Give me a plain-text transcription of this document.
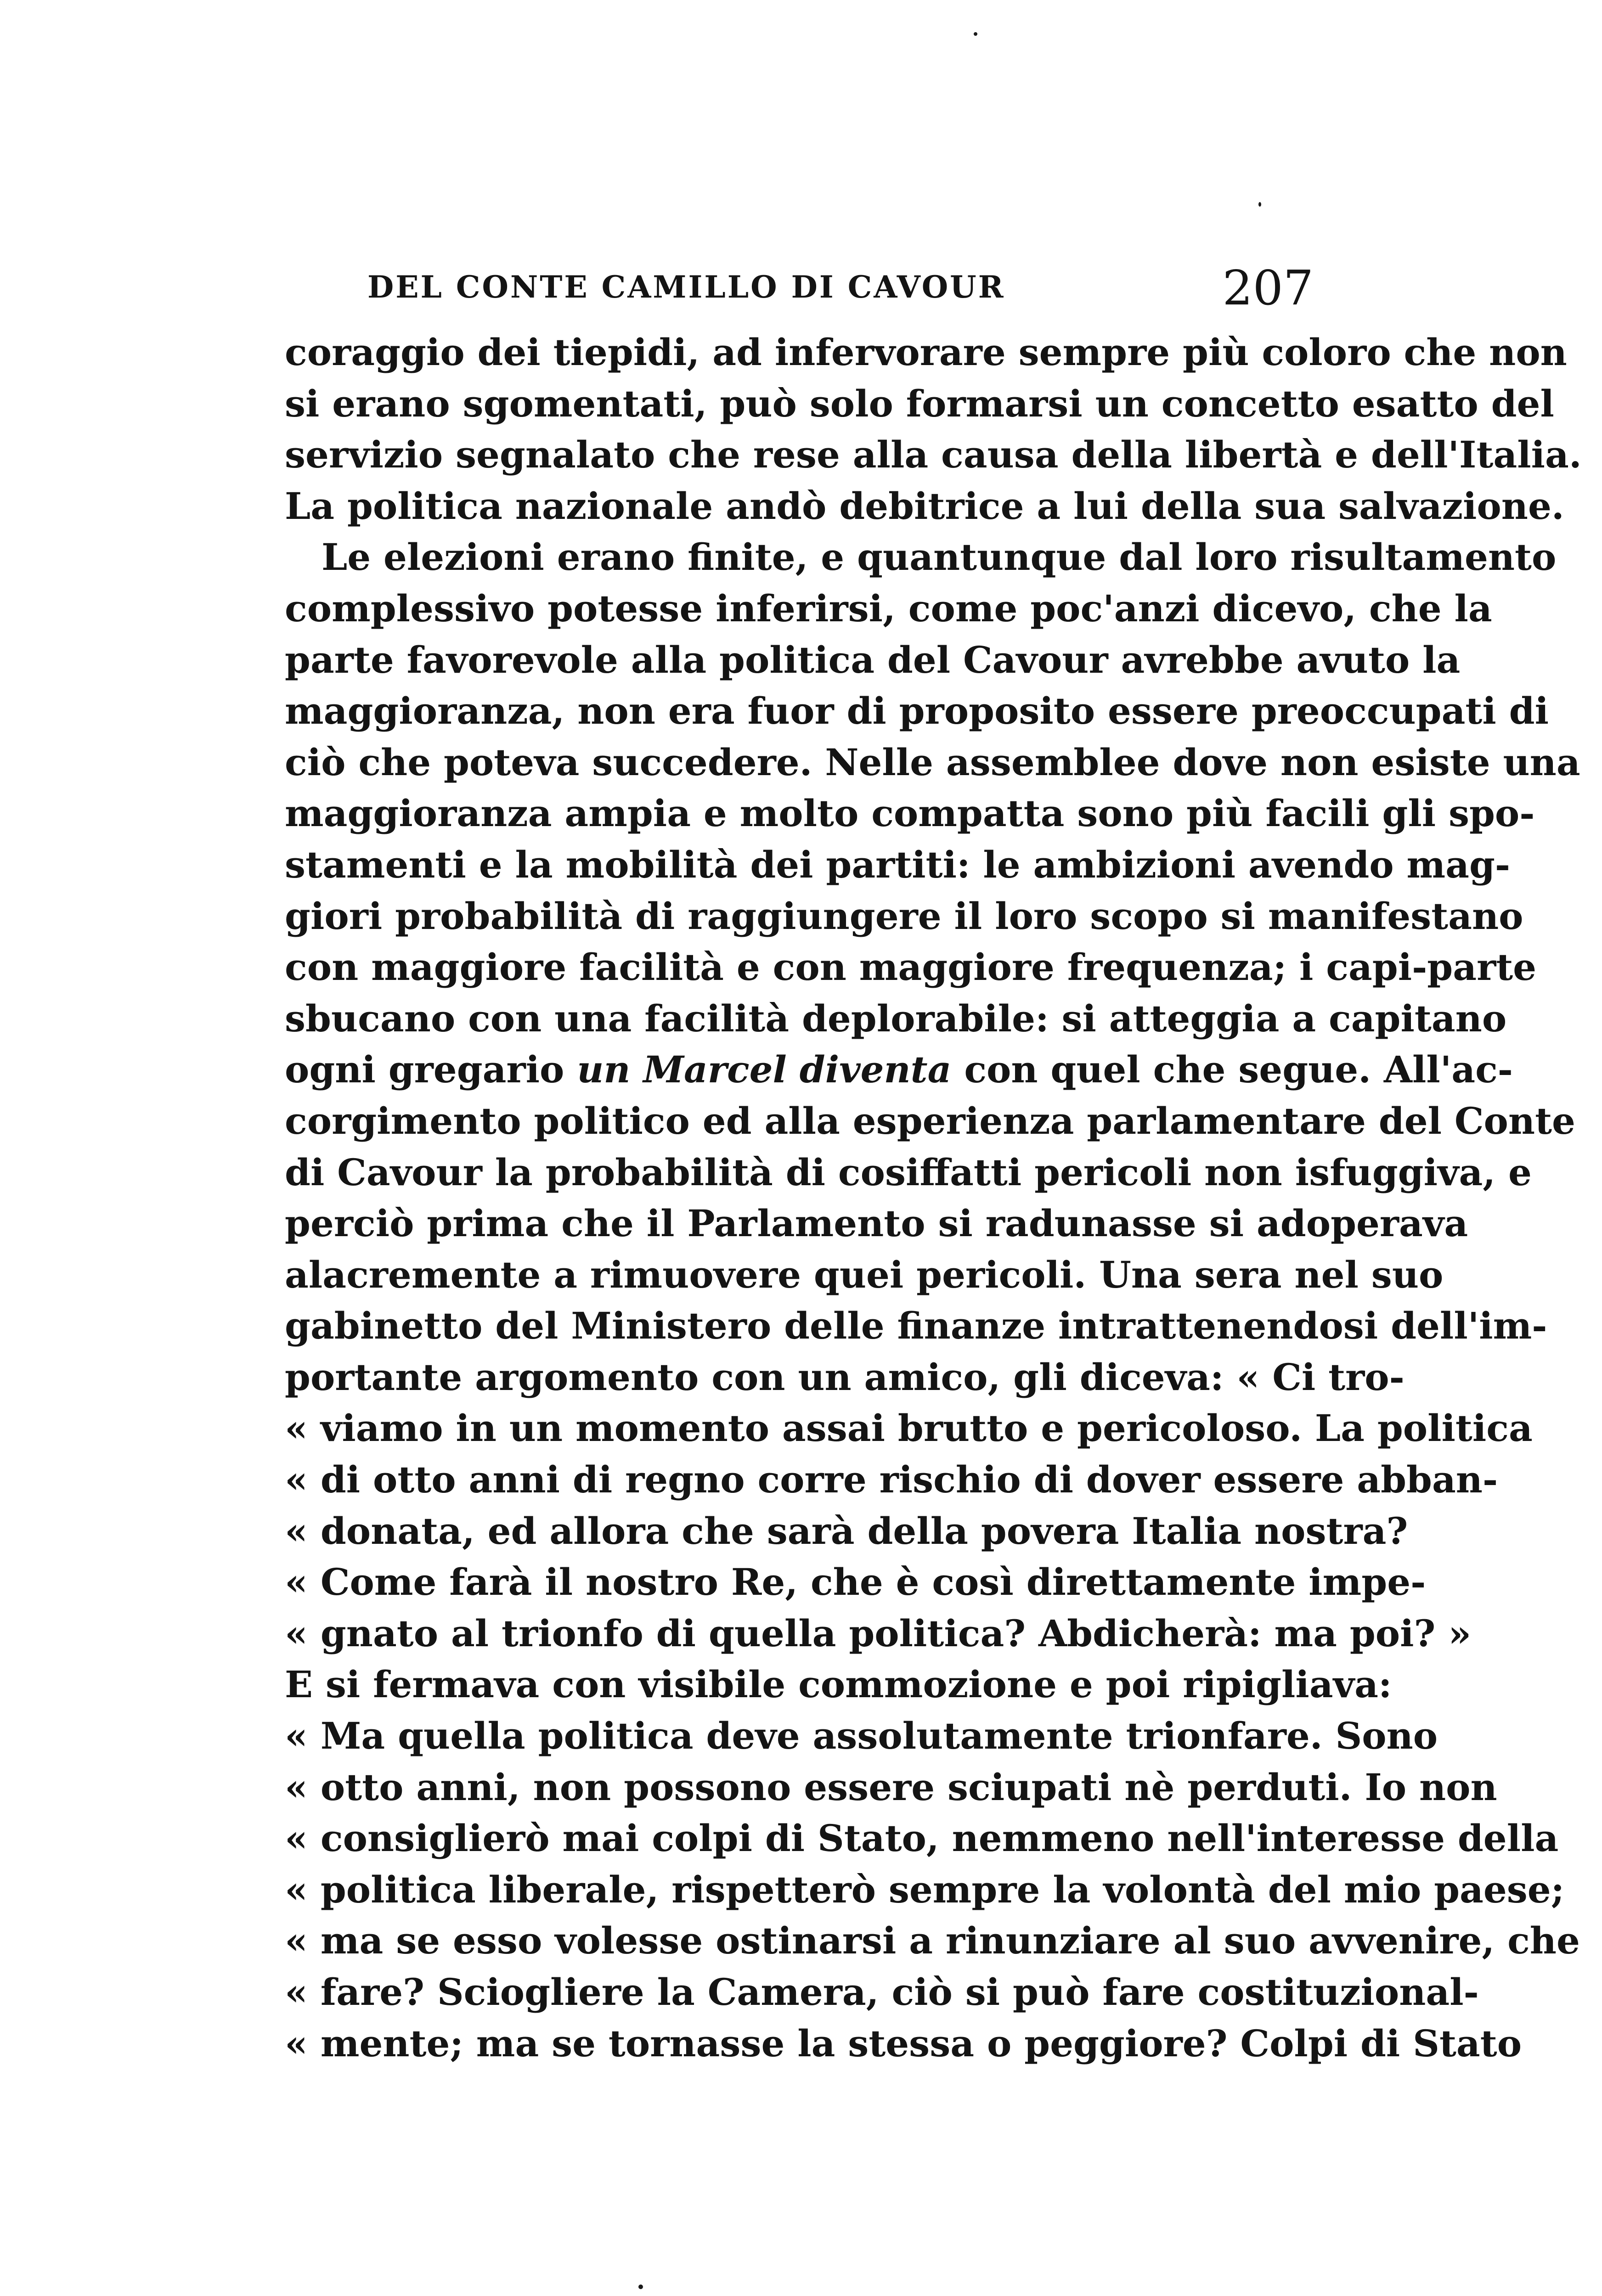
DEL CONTE CAMILLO DI CAVOUR	207
coraggio dei tiepidi, ad infervorare sempre più coloro che non
si erano sgomentati, può solo formarsi un concetto esatto del
servizio segnalato che rese alla causa della libertà e dell'Italia.
La politica nazionale andò debitrice a lui della sua salvazione.
Le elezioni erano finite, e quantunque dal loro risultamento
complessivo potesse inferirsi, come poc'anzi dicevo, che la
parte favorevole alla politica del Cavour avrebbe avuto la
maggioranza, non era fuor di proposito essere preoccupati di
ciò che poteva succedere. Nelle assemblee dove non esiste una
maggioranza ampia e molto compatta sono più facili gli spo-
stamenti e la mobilità dei partiti: le ambizioni avendo mag-
giori probabilità di raggiungere il loro scopo si manifestano
con maggiore facilità e con maggiore frequenza; i capi-parte
sbucano con una facilità deplorabile: si atteggia a capitano
ogni gregario un Marcel diventa con quel che segue. All'ac-
corgimento politico ed alla esperienza parlamentare del Conte
di Cavour la probabilità di cosiffatti pericoli non isfuggiva, e
perciò prima che il Parlamento si radunasse si adoperava
alacremente a rimuovere quei pericoli. Una sera nel suo
gabinetto del Ministero delle finanze intrattenendosi dell'im-
portante argomento con un amico, gli diceva: « Ci tro-
« viamo in un momento assai brutto e pericoloso. La politica
« di otto anni di regno corre rischio di dover essere abban-
« donata, ed allora che sarà della povera Italia nostra?
« Come farà il nostro Re, che è così direttamente impe-
« gnato al trionfo di quella politica? Abdicherà: ma poi? »
E si fermava con visibile commozione e poi ripigliava:
« Ma quella politica deve assolutamente trionfare. Sono
« otto anni, non possono essere sciupati nè perduti. Io non
« consiglierò mai colpi di Stato, nemmeno nell'interesse della
« politica liberale, rispetterò sempre la volontà del mio paese;
« ma se esso volesse ostinarsi a rinunziare al suo avvenire, che
« fare? Sciogliere la Camera, ciò si può fare costituzional-
« mente; ma se tornasse la stessa o peggiore? Colpi di Stato
